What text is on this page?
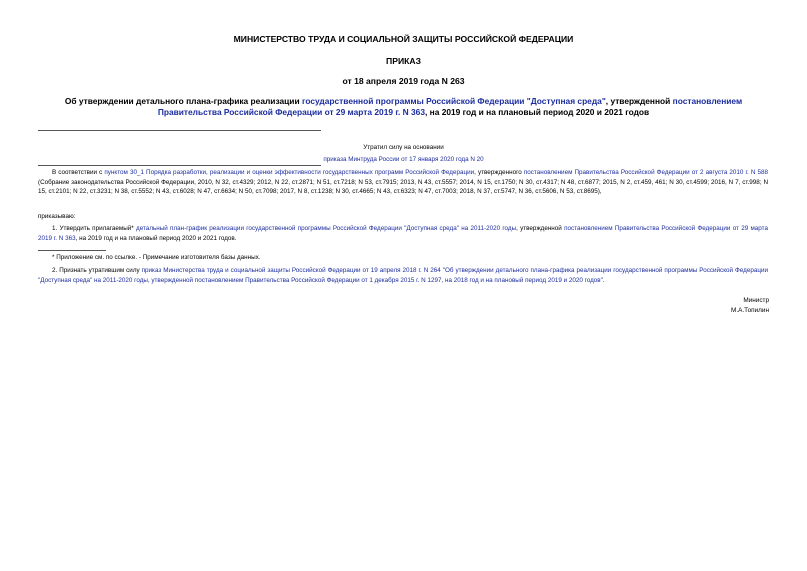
МИНИСТЕРСТВО ТРУДА И СОЦИАЛЬНОЙ ЗАЩИТЫ РОССИЙСКОЙ ФЕДЕРАЦИИ
ПРИКАЗ
от 18 апреля 2019 года N 263
Об утверждении детального плана-графика реализации государственной программы Российской Федерации "Доступная среда", утвержденной постановлением Правительства Российской Федерации от 29 марта 2019 г. N 363, на 2019 год и на плановый период 2020 и 2021 годов
Утратил силу на основании
приказа Минтруда России от 17 января 2020 года N 20
В соответствии с пунктом 30_1 Порядка разработки, реализации и оценки эффективности государственных программ Российской Федерации, утвержденного постановлением Правительства Российской Федерации от 2 августа 2010 г. N 588 (Собрание законодательства Российской Федерации, 2010, N 32, ст.4329; 2012, N 22, ст.2871; N 51, ст.7218; N 53, ст.7915; 2013, N 43, ст.5557; 2014, N 15, ст.1750; N 30, ст.4317; N 48, ст.6877; 2015, N 2, ст.459, 461; N 30, ст.4599; 2016, N 7, ст.998; N 15, ст.2101; N 22, ст.3231; N 38, ст.5552; N 43, ст.6028; N 47, ст.6634; N 50, ст.7098; 2017, N 8, ст.1238; N 30, ст.4665; N 43, ст.6323; N 47, ст.7003; 2018, N 37, ст.5747, N 36, ст.5606, N 53, ст.8695),
приказываю:
1. Утвердить прилагаемый* детальный план-график реализации государственной программы Российской Федерации "Доступная среда" на 2011-2020 годы, утвержденной постановлением Правительства Российской Федерации от 29 марта 2019 г. N 363, на 2019 год и на плановый период 2020 и 2021 годов.
* Приложение см. по ссылке. - Примечание изготовителя базы данных.
2. Признать утратившим силу приказ Министерства труда и социальной защиты Российской Федерации от 19 апреля 2018 г. N 264 "Об утверждении детального плана-графика реализации государственной программы Российской Федерации "Доступная среда" на 2011-2020 годы, утвержденной постановлением Правительства Российской Федерации от 1 декабря 2015 г. N 1297, на 2018 год и на плановый период 2019 и 2020 годов".
Министр
М.А.Топилин
